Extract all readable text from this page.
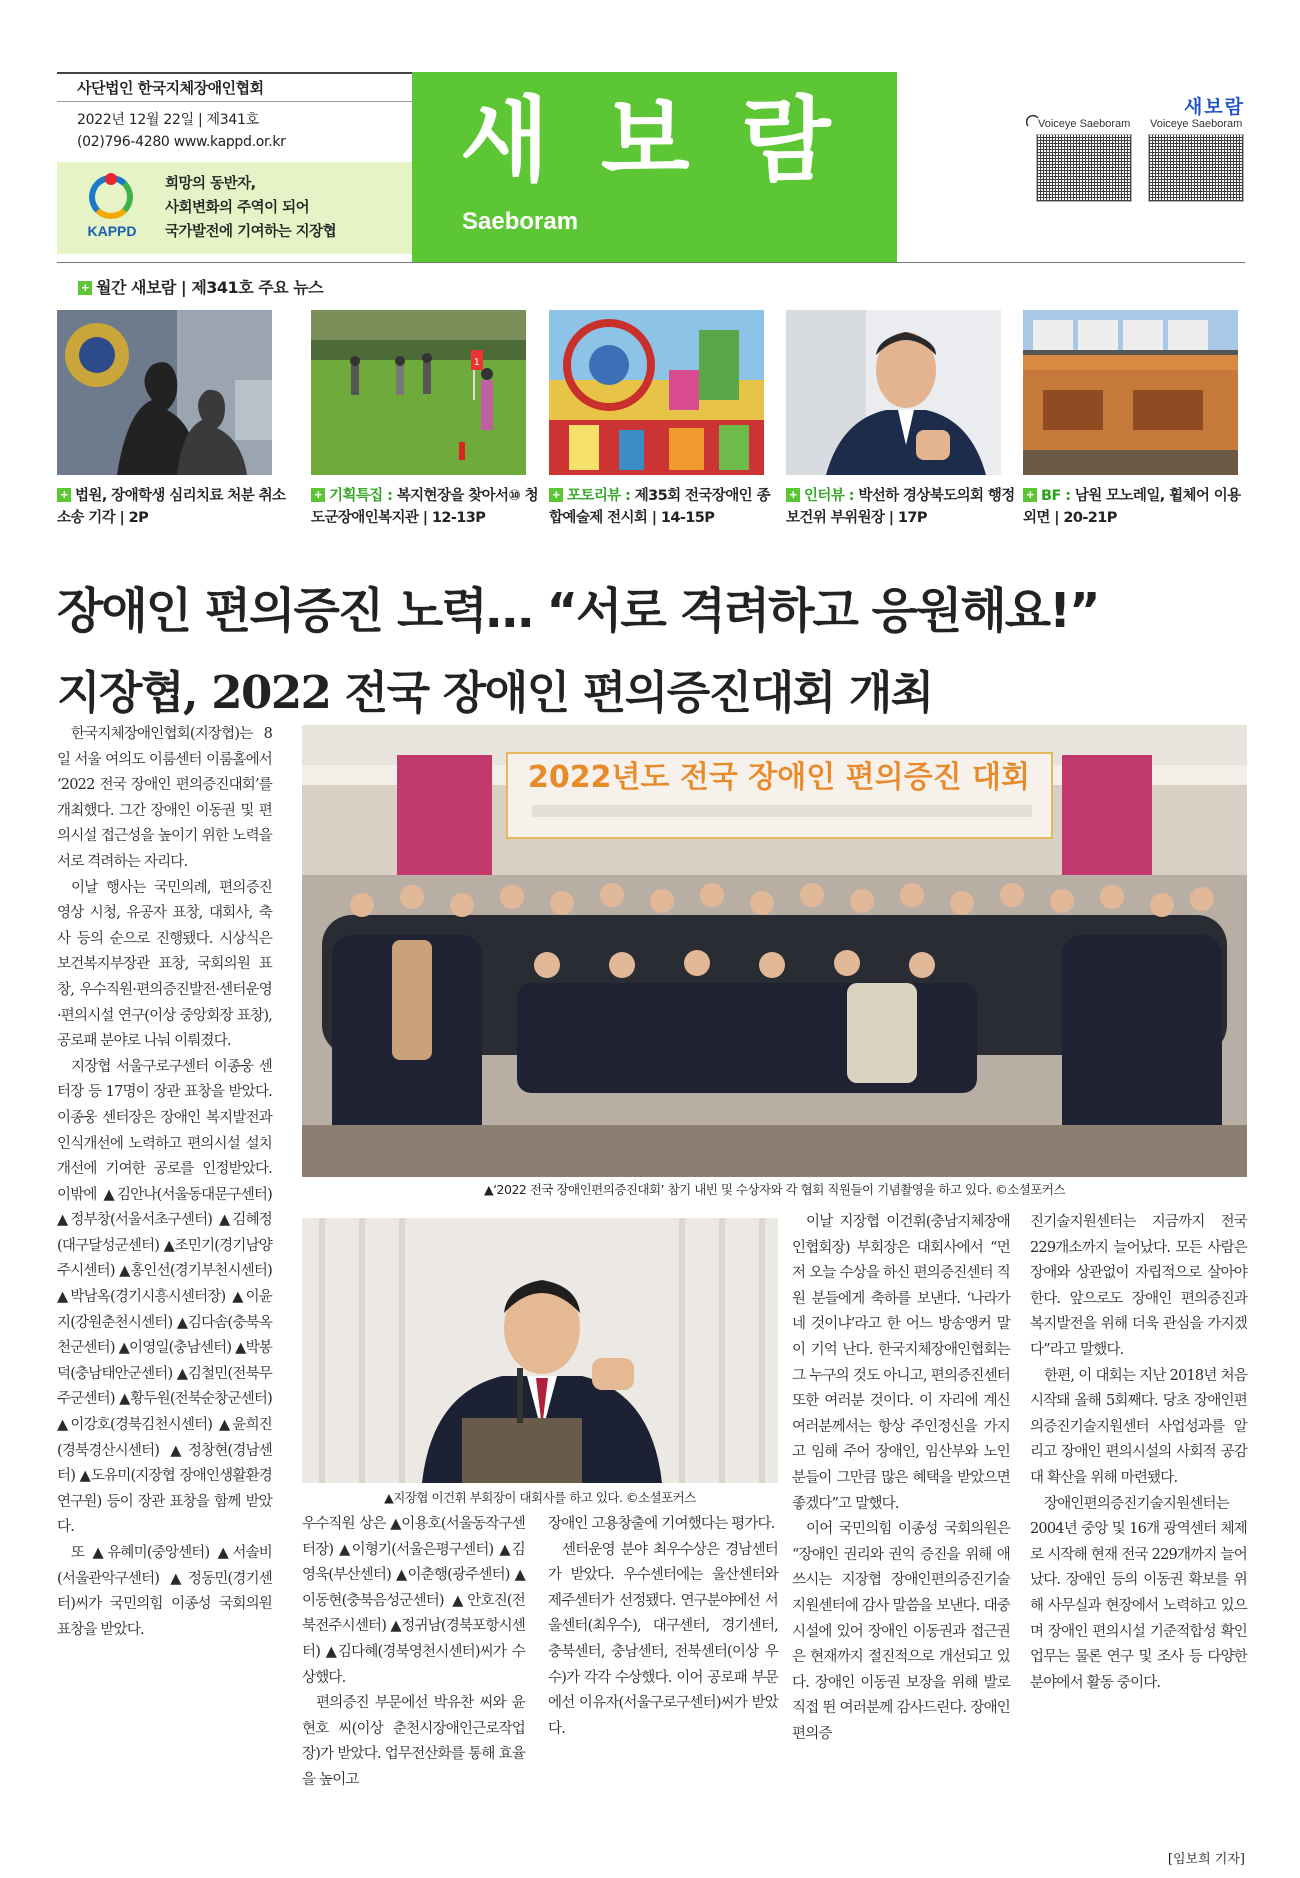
사단법인 한국지체장애인협회
2022년 12월 22일 | 제341호
(02)796-4280 www.kappd.or.kr
KAPPD
희망의 동반자,
사회변화의 주역이 되어
국가발전에 기여하는 지장협
새보람
Saeboram
새보람
Voiceye Saeboram Voiceye Saeboram
+ 월간 새보람 | 제341호 주요 뉴스
1
+ 법원, 장애학생 심리치료 처분 취소 소송 기각 | 2P
+ 기획특집 : 복지현장을 찾아서⑩ 청도군장애인복지관 | 12-13P
+ 포토리뷰 : 제35회 전국장애인 종합예술제 전시회 | 14-15P
+ 인터뷰 : 박선하 경상북도의회 행정보건위 부위원장 | 17P
+ BF : 남원 모노레일, 휠체어 이용 외면 | 20-21P
장애인 편의증진 노력… “서로 격려하고 응원해요!”
지장협, 2022 전국 장애인 편의증진대회 개최
2022년도 전국 장애인 편의증진 대회
▲‘2022 전국 장애인편의증진대회’ 참기 내빈 및 수상자와 각 협회 직원들이 기념촬영을 하고 있다. ©소셜포커스
▲지장협 이건휘 부회장이 대회사를 하고 있다. ©소셜포커스

한국지체장애인협회(지장협)는 8일 서울 여의도 이룸센터 이룸홀에서 ‘2022 전국 장애인 편의증진대회’를 개최했다. 그간 장애인 이동권 및 편의시설 접근성을 높이기 위한 노력을 서로 격려하는 자리다.

이날 행사는 국민의례, 편의증진 영상 시청, 유공자 표창, 대회사, 축사 등의 순으로 진행됐다. 시상식은 보건복지부장관 표창, 국회의원 표창, 우수직원·편의증진발전·센터운영·편의시설 연구(이상 중앙회장 표창), 공로패 분야로 나눠 이뤄졌다.

지장협 서울구로구센터 이종웅 센터장 등 17명이 장관 표창을 받았다. 이종웅 센터장은 장애인 복지발전과 인식개선에 노력하고 편의시설 설치 개선에 기여한 공로를 인정받았다. 이밖에 ▲김안나(서울동대문구센터) ▲정부창(서울서초구센터) ▲김혜정(대구달성군센터) ▲조민기(경기남양주시센터) ▲홍인선(경기부천시센터) ▲박남옥(경기시흥시센터장) ▲이윤지(강원춘천시센터) ▲김다솜(충북옥천군센터) ▲이영일(충남센터) ▲박봉덕(충남태안군센터) ▲김철민(전북무주군센터) ▲황두원(전북순창군센터) ▲이강호(경북김천시센터) ▲윤희진(경북경산시센터) ▲정창현(경남센터) ▲도유미(지장협 장애인생활환경연구원) 등이 장관 표창을 함께 받았다.

또 ▲유혜미(중앙센터) ▲서솔비(서울관악구센터) ▲정동민(경기센터)씨가 국민의힘 이종성 국회의원 표창을 받았다.

우수직원 상은 ▲이용호(서울동작구센터장) ▲이형기(서울은평구센터) ▲김영욱(부산센터) ▲이춘행(광주센터) ▲이동현(충북음성군센터) ▲안호진(전북전주시센터) ▲정귀남(경북포항시센터) ▲김다혜(경북영천시센터)씨가 수상했다.

편의증진 부문에선 박유찬 씨와 윤현호 씨(이상 춘천시장애인근로작업장)가 받았다. 업무전산화를 통해 효율을 높이고

장애인 고용창출에 기여했다는 평가다.

센터운영 분야 최우수상은 경남센터가 받았다. 우수센터에는 울산센터와 제주센터가 선정됐다. 연구분야에선 서울센터(최우수), 대구센터, 경기센터, 충북센터, 충남센터, 전북센터(이상 우수)가 각각 수상했다. 이어 공로패 부문에선 이유자(서울구로구센터)씨가 받았다.

이날 지장협 이건휘(충남지체장애인협회장) 부회장은 대회사에서 “먼저 오늘 수상을 하신 편의증진센터 직원 분들에게 축하를 보낸다. ‘나라가 네 것이냐’라고 한 어느 방송앵커 말이 기억 난다. 한국지체장애인협회는 그 누구의 것도 아니고, 편의증진센터 또한 여러분 것이다. 이 자리에 계신 여러분께서는 항상 주인정신을 가지고 임해 주어 장애인, 임산부와 노인 분들이 그만큼 많은 혜택을 받았으면 좋겠다”고 말했다.

이어 국민의힘 이종성 국회의원은 “장애인 권리와 권익 증진을 위해 애쓰시는 지장협 장애인편의증진기술지원센터에 감사 말씀을 보낸다. 대중시설에 있어 장애인 이동권과 접근권은 현재까지 절진적으로 개선되고 있다. 장애인 이동권 보장을 위해 발로 직접 뛴 여러분께 감사드린다. 장애인편의증

진기술지원센터는 지금까지 전국 229개소까지 늘어났다. 모든 사람은 장애와 상관없이 자립적으로 살아야 한다. 앞으로도 장애인 편의증진과 복지발전을 위해 더욱 관심을 가지겠다”라고 말했다.

한편, 이 대회는 지난 2018년 처음 시작돼 올해 5회째다. 당초 장애인편의증진기술지원센터 사업성과를 알리고 장애인 편의시설의 사회적 공감대 확산을 위해 마련됐다.

장애인편의증진기술지원센터는 2004년 중앙 및 16개 광역센터 체제로 시작해 현재 전국 229개까지 늘어났다. 장애인 등의 이동권 확보를 위해 사무실과 현장에서 노력하고 있으며 장애인 편의시설 기준적합성 확인업무는 물론 연구 및 조사 등 다양한 분야에서 활동 중이다.

[임보희 기자]
